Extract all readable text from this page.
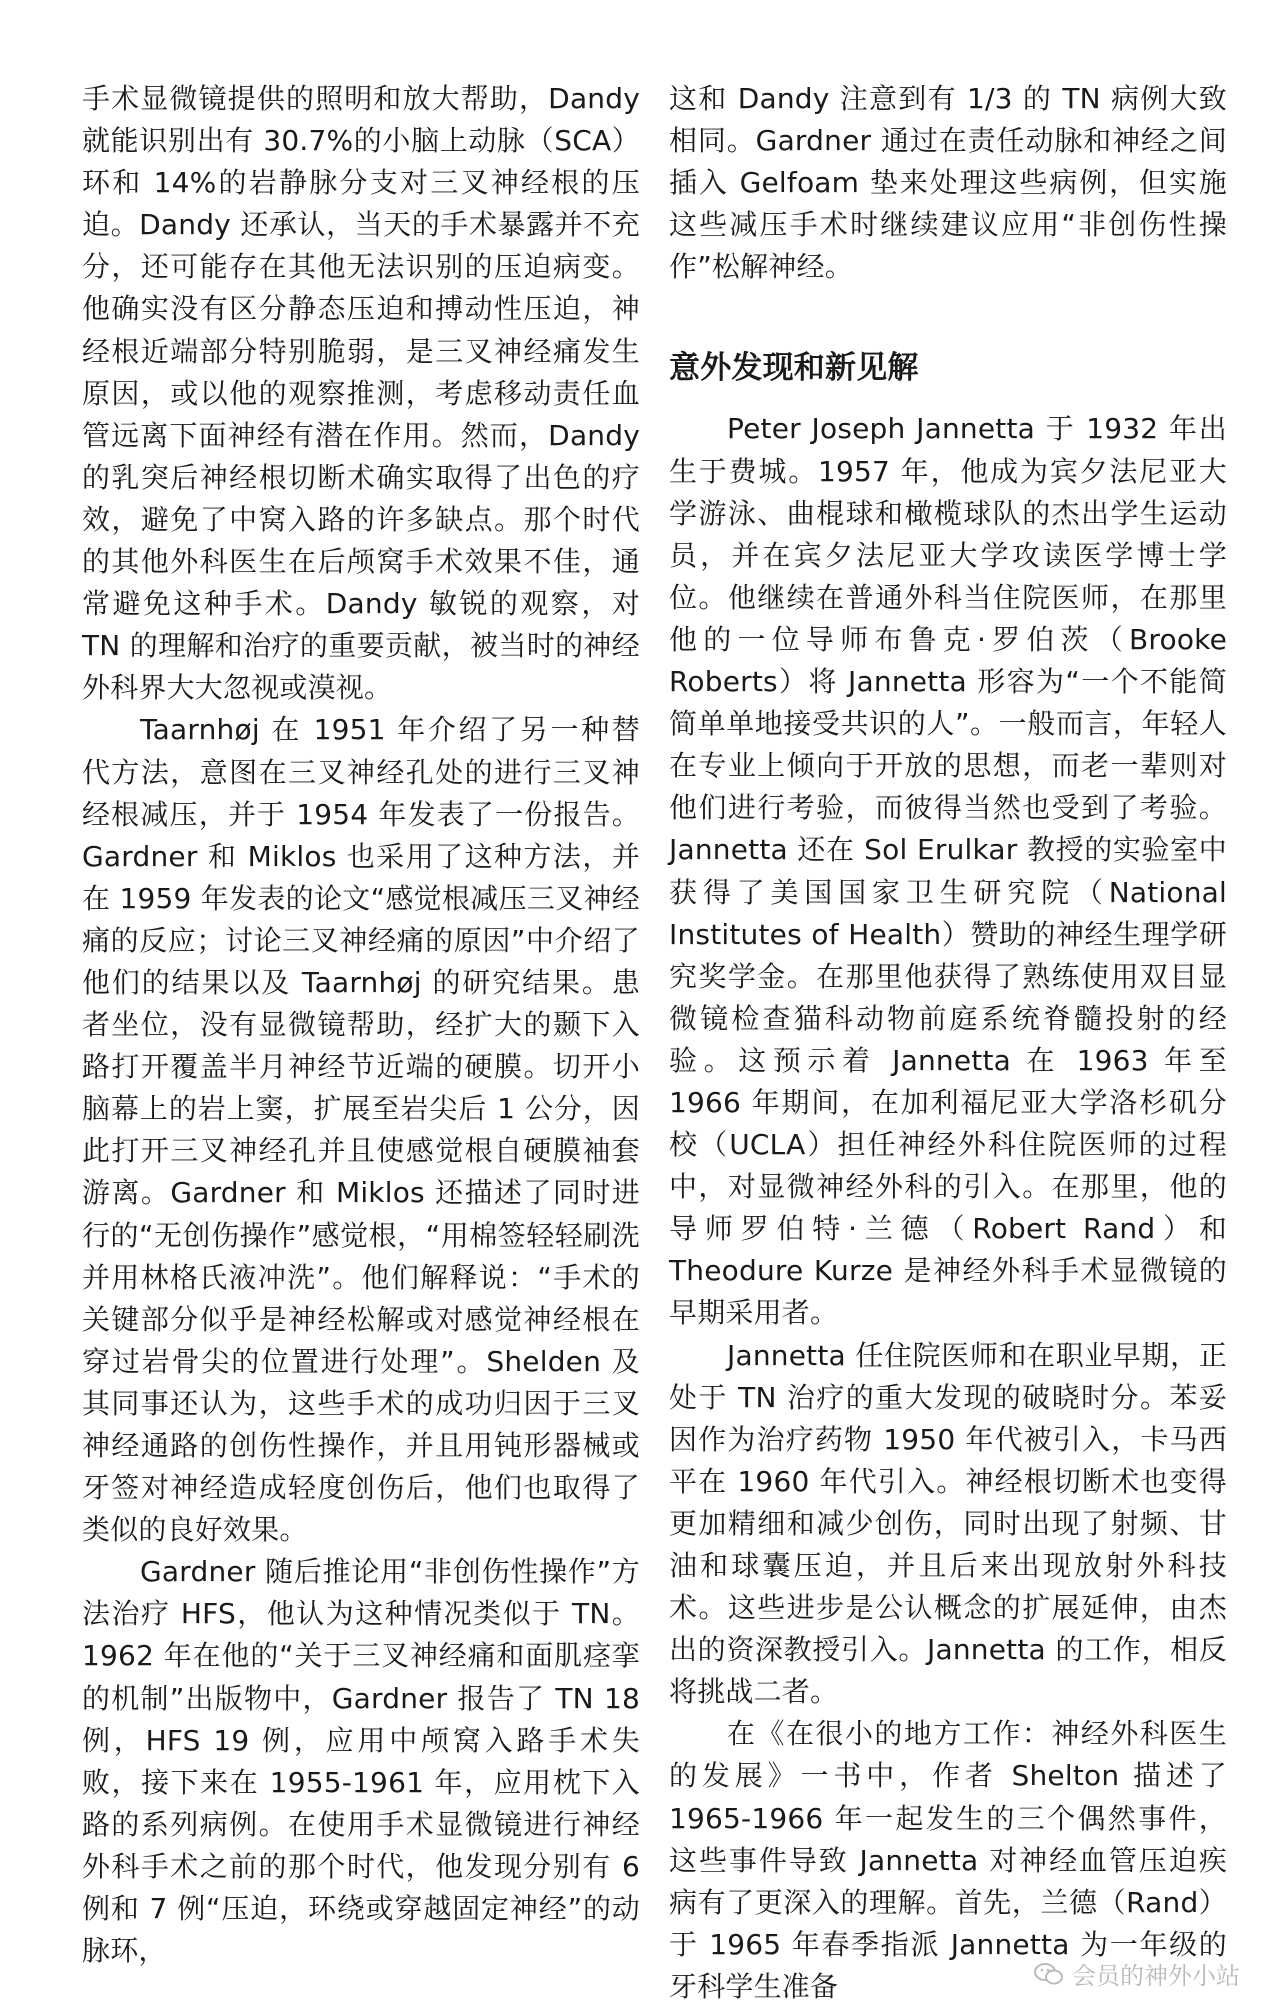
手术显微镜提供的照明和放大帮助，Dandy 就能识别出有 30.7%的小脑上动脉（SCA）环和 14%的岩静脉分支对三叉神经根的压迫。Dandy 还承认，当天的手术暴露并不充分，还可能存在其他无法识别的压迫病变。他确实没有区分静态压迫和搏动性压迫，神经根近端部分特别脆弱，是三叉神经痛发生原因，或以他的观察推测，考虑移动责任血管远离下面神经有潜在作用。然而，Dandy 的乳突后神经根切断术确实取得了出色的疗效，避免了中窝入路的许多缺点。那个时代的其他外科医生在后颅窝手术效果不佳，通常避免这种手术。Dandy 敏锐的观察，对 TN 的理解和治疗的重要贡献，被当时的神经外科界大大忽视或漠视。

Taarnhøj 在 1951 年介绍了另一种替代方法，意图在三叉神经孔处的进行三叉神经根减压，并于 1954 年发表了一份报告。Gardner 和 Miklos 也采用了这种方法，并在 1959 年发表的论文“感觉根减压三叉神经痛的反应；讨论三叉神经痛的原因”中介绍了他们的结果以及 Taarnhøj 的研究结果。患者坐位，没有显微镜帮助，经扩大的颞下入路打开覆盖半月神经节近端的硬膜。切开小脑幕上的岩上窦，扩展至岩尖后 1 公分，因此打开三叉神经孔并且使感觉根自硬膜袖套游离。Gardner 和 Miklos 还描述了同时进行的“无创伤操作”感觉根，“用棉签轻轻刷洗并用林格氏液冲洗”。他们解释说：“手术的关键部分似乎是神经松解或对感觉神经根在穿过岩骨尖的位置进行处理”。Shelden 及其同事还认为，这些手术的成功归因于三叉神经通路的创伤性操作，并且用钝形器械或牙签对神经造成轻度创伤后，他们也取得了类似的良好效果。

Gardner 随后推论用“非创伤性操作”方法治疗 HFS，他认为这种情况类似于 TN。1962 年在他的“关于三叉神经痛和面肌痉挛的机制”出版物中，Gardner 报告了 TN 18 例，HFS 19 例，应用中颅窝入路手术失败，接下来在 1955-1961 年，应用枕下入路的系列病例。在使用手术显微镜进行神经外科手术之前的那个时代，他发现分别有 6 例和 7 例“压迫，环绕或穿越固定神经”的动脉环，

这和 Dandy 注意到有 1/3 的 TN 病例大致相同。Gardner 通过在责任动脉和神经之间插入 Gelfoam 垫来处理这些病例，但实施这些减压手术时继续建议应用“非创伤性操作”松解神经。

意外发现和新见解

Peter Joseph Jannetta 于 1932 年出生于费城。1957 年，他成为宾夕法尼亚大学游泳、曲棍球和橄榄球队的杰出学生运动员，并在宾夕法尼亚大学攻读医学博士学位。他继续在普通外科当住院医师，在那里他的一位导师布鲁克·罗伯茨（Brooke Roberts）将 Jannetta 形容为“一个不能简简单单地接受共识的人”。一般而言，年轻人在专业上倾向于开放的思想，而老一辈则对他们进行考验，而彼得当然也受到了考验。Jannetta 还在 Sol Erulkar 教授的实验室中获得了美国国家卫生研究院（National Institutes of Health）赞助的神经生理学研究奖学金。在那里他获得了熟练使用双目显微镜检查猫科动物前庭系统脊髓投射的经验。这预示着 Jannetta 在 1963 年至 1966 年期间，在加利福尼亚大学洛杉矶分校（UCLA）担任神经外科住院医师的过程中，对显微神经外科的引入。在那里，他的导师罗伯特·兰德（Robert Rand）和 Theodure Kurze 是神经外科手术显微镜的早期采用者。

Jannetta 任住院医师和在职业早期，正处于 TN 治疗的重大发现的破晓时分。苯妥因作为治疗药物 1950 年代被引入，卡马西平在 1960 年代引入。神经根切断术也变得更加精细和减少创伤，同时出现了射频、甘油和球囊压迫，并且后来出现放射外科技术。这些进步是公认概念的扩展延伸，由杰出的资深教授引入。Jannetta 的工作，相反将挑战二者。

在《在很小的地方工作：神经外科医生的发展》一书中，作者 Shelton 描述了 1965-1966 年一起发生的三个偶然事件，这些事件导致 Jannetta 对神经血管压迫疾病有了更深入的理解。首先，兰德（Rand）于 1965 年春季指派 Jannetta 为一年级的牙科学生准备	会员的神外小站
